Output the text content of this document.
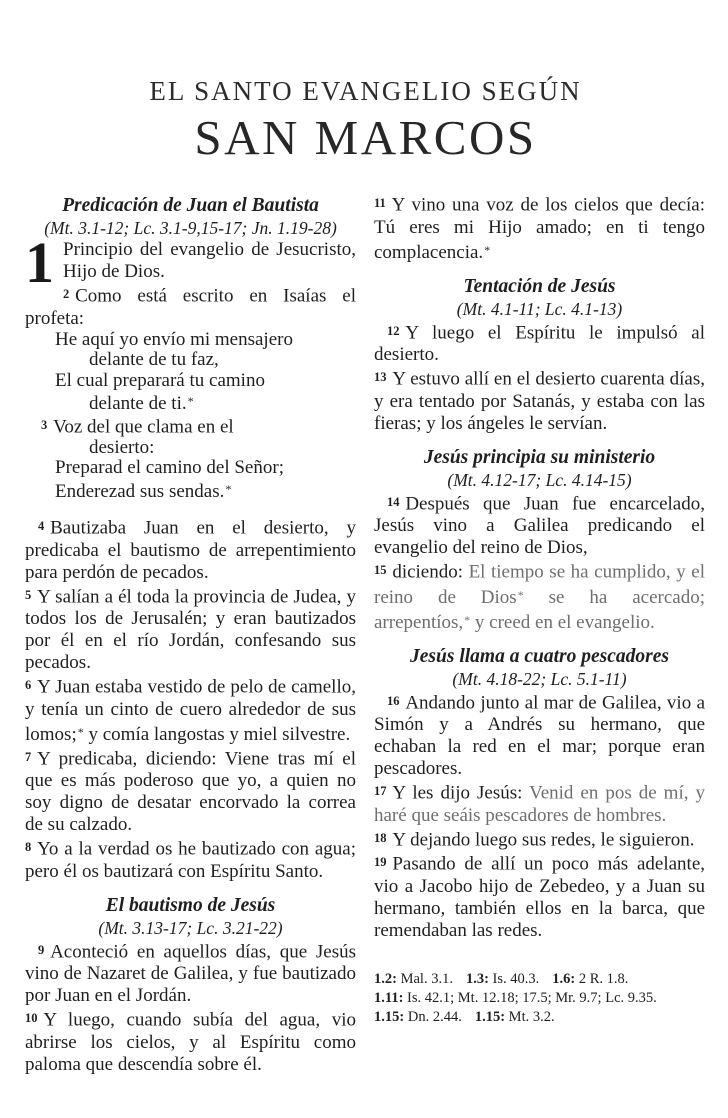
EL SANTO EVANGELIO SEGÚN
SAN MARCOS
Predicación de Juan el Bautista
(Mt. 3.1-12; Lc. 3.1-9,15-17; Jn. 1.19-28)

1 Principio del evangelio de Jesucristo, Hijo de Dios.

2  Como está escrito en Isaías el profeta:

He aquí yo envío mi mensajero
delante de tu faz,
El cual preparará tu camino
delante de ti.*
3  Voz del que clama en el
desierto:
Preparad el camino del Señor;
Enderezad sus sendas.*

4  Bautizaba Juan en el desierto, y predicaba el bautismo de arrepentimiento para perdón de pecados.

5  Y salían a él toda la provincia de Judea, y todos los de Jerusalén; y eran bautizados por él en el río Jordán, confesando sus pecados.

6  Y Juan estaba vestido de pelo de camello, y tenía un cinto de cuero alrededor de sus lomos;* y comía langostas y miel silvestre.

7  Y predicaba, diciendo: Viene tras mí el que es más poderoso que yo, a quien no soy digno de desatar encorvado la correa de su calzado.

8  Yo a la verdad os he bautizado con agua; pero él os bautizará con Espíritu Santo.

El bautismo de Jesús
(Mt. 3.13-17; Lc. 3.21-22)

9  Aconteció en aquellos días, que Jesús vino de Nazaret de Galilea, y fue bautizado por Juan en el Jordán.

10  Y luego, cuando subía del agua, vio abrirse los cielos, y al Espíritu como paloma que descendía sobre él.

11  Y vino una voz de los cielos que decía: Tú eres mi Hijo amado; en ti tengo complacencia.*

Tentación de Jesús
(Mt. 4.1-11; Lc. 4.1-13)

12  Y luego el Espíritu le impulsó al desierto.

13  Y estuvo allí en el desierto cuarenta días, y era tentado por Satanás, y estaba con las fieras; y los ángeles le servían.

Jesús principia su ministerio
(Mt. 4.12-17; Lc. 4.14-15)

14  Después que Juan fue encarcelado, Jesús vino a Galilea predicando el evangelio del reino de Dios,

15  diciendo: El tiempo se ha cumplido, y el reino de Dios* se ha acercado; arrepentíos,* y creed en el evangelio.

Jesús llama a cuatro pescadores
(Mt. 4.18-22; Lc. 5.1-11)

16  Andando junto al mar de Galilea, vio a Simón y a Andrés su hermano, que echaban la red en el mar; porque eran pescadores.

17  Y les dijo Jesús: Venid en pos de mí, y haré que seáis pescadores de hombres.

18  Y dejando luego sus redes, le siguieron.

19  Pasando de allí un poco más adelante, vio a Jacobo hijo de Zebedeo, y a Juan su hermano, también ellos en la barca, que remendaban las redes.

1.2: Mal. 3.1. 1.3: Is. 40.3. 1.6: 2 R. 1.8.
1.11: Is. 42.1; Mt. 12.18; 17.5; Mr. 9.7; Lc. 9.35.
1.15: Dn. 2.44. 1.15: Mt. 3.2.
